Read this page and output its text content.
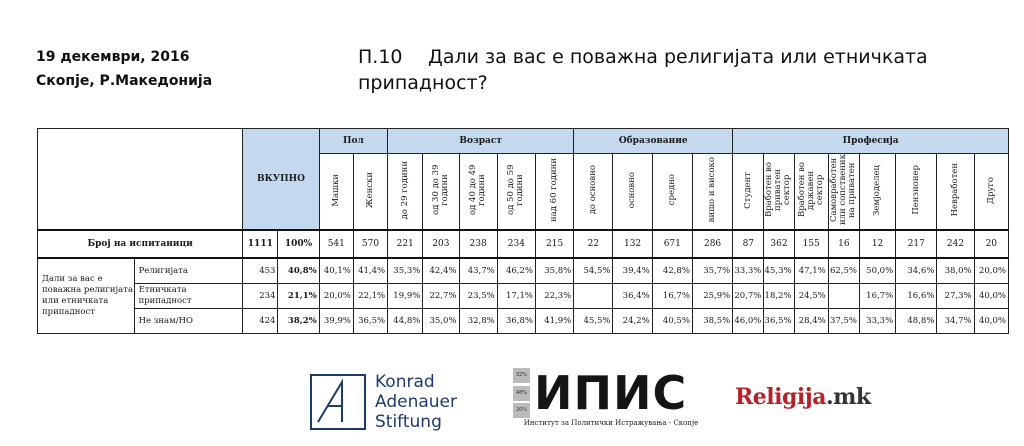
19 декември, 2016
Скопје, Р.Македонија
П.10 Дали за вас е поважна религијата или етничката
припадност?
		ВКУПНО		Пол		Возраст					Образование				Професија							
				Машки	Женски	до 29 години	од 30 до 39 години	од 40 до 49 години	од 50 до 59 години	над 60 години	до основно	основно	средно	вишо и високо	Студент	Вработен во приватен сектор	Вработен во државен сектор	Самовработен или сопственик на приватен	Земјоделец	Пензионер	Невработен	Друго
Број на испитаници		1111	100%	541	570	221	203	238	234	215	22	132	671	286	87	362	155	16	12	217	242	20
Дали за вас е поважна религијата или етничката припадност	Религијата	453	40,8%	40,1%	41,4%	35,3%	42,4%	43,7%	46,2%	35,8%	54,5%	39,4%	42,8%	35,7%	33,3%	45,3%	47,1%	62,5%	50,0%	34,6%	38,0%	20,0%
	Етничката припадност	234	21,1%	20,0%	22,1%	19,9%	22,7%	23,5%	17,1%	22,3%		36,4%	16,7%	25,9%	20,7%	18,2%	24,5%		16,7%	16,6%	27,3%	40,0%
	Не знам/НО	424	38,2%	39,9%	36,5%	44,8%	35,0%	32,8%	36,8%	41,9%	45,5%	24,2%	40,5%	38,5%	46,0%	36,5%	28,4%	37,5%	33,3%	48,8%	34,7%	40,0%
Konrad
Adenauer
Stiftung
32%
48%
20% ИПИС
Институт за Политички Истражувања - Скопје
Religija.mk
